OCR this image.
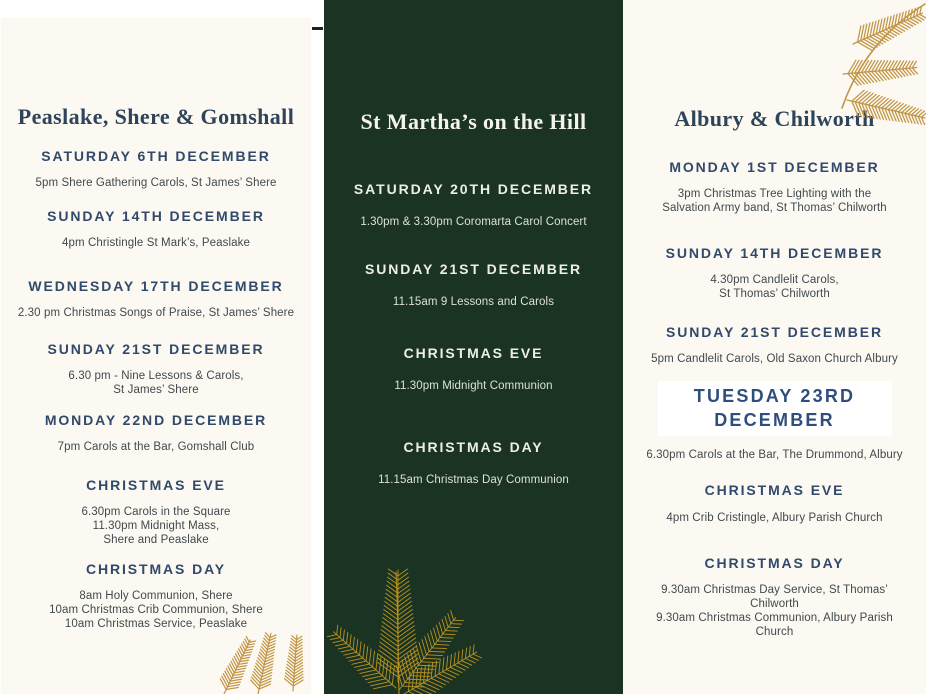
Peaslake, Shere & Gomshall
SATURDAY 6TH DECEMBER

5pm Shere Gathering Carols, St James’ Shere

SUNDAY 14TH DECEMBER

4pm Christingle St Mark’s, Peaslake

WEDNESDAY 17TH DECEMBER

2.30 pm Christmas Songs of Praise, St James’ Shere

SUNDAY 21ST DECEMBER

6.30 pm - Nine Lessons & Carols,

St James’ Shere

MONDAY 22ND DECEMBER

7pm Carols at the Bar, Gomshall Club

CHRISTMAS EVE

6.30pm Carols in the Square

11.30pm Midnight Mass,

Shere and Peaslake

CHRISTMAS DAY

8am Holy Communion, Shere

10am Christmas Crib Communion, Shere

10am Christmas Service, Peaslake

St Martha’s on the Hill
SATURDAY 20TH DECEMBER

1.30pm & 3.30pm Coromarta Carol Concert

SUNDAY 21ST DECEMBER

11.15am 9 Lessons and Carols

CHRISTMAS EVE

11.30pm Midnight Communion

CHRISTMAS DAY

11.15am Christmas Day Communion

Albury & Chilworth
MONDAY 1ST DECEMBER

3pm Christmas Tree Lighting with the

Salvation Army band, St Thomas’ Chilworth

SUNDAY 14TH DECEMBER

4.30pm Candlelit Carols,

St Thomas’ Chilworth

SUNDAY 21ST DECEMBER

5pm Candlelit Carols, Old Saxon Church Albury

TUESDAY 23RD DECEMBER

6.30pm Carols at the Bar, The Drummond, Albury

CHRISTMAS EVE

4pm Crib Cristingle, Albury Parish Church

CHRISTMAS DAY

9.30am Christmas Day Service, St Thomas’

Chilworth

9.30am Christmas Communion, Albury Parish

Church
